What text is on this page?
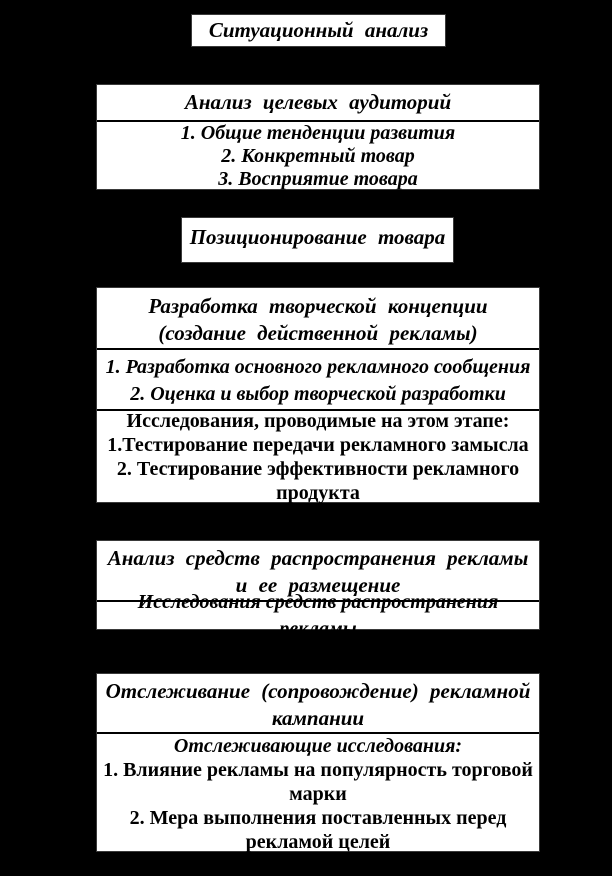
Ситуационный анализ
Анализ целевых аудиторий
1. Общие тенденции развития
2. Конкретный товар
3. Восприятие товара
Позиционирование товара
Разработка творческой концепции
(создание действенной рекламы)
1. Разработка основного рекламного сообщения
2. Оценка и выбор творческой разработки
Исследования, проводимые на этом этапе:
1.Тестирование передачи рекламного замысла
2. Тестирование эффективности рекламного продукта
Анализ средств распространения рекламы
и ее размещение
Исследования средств распространения рекламы
Отслеживание (сопровождение) рекламной
кампании
Отслеживающие исследования:
1. Влияние рекламы на популярность торговой марки
2. Мера выполнения поставленных перед рекламой целей
